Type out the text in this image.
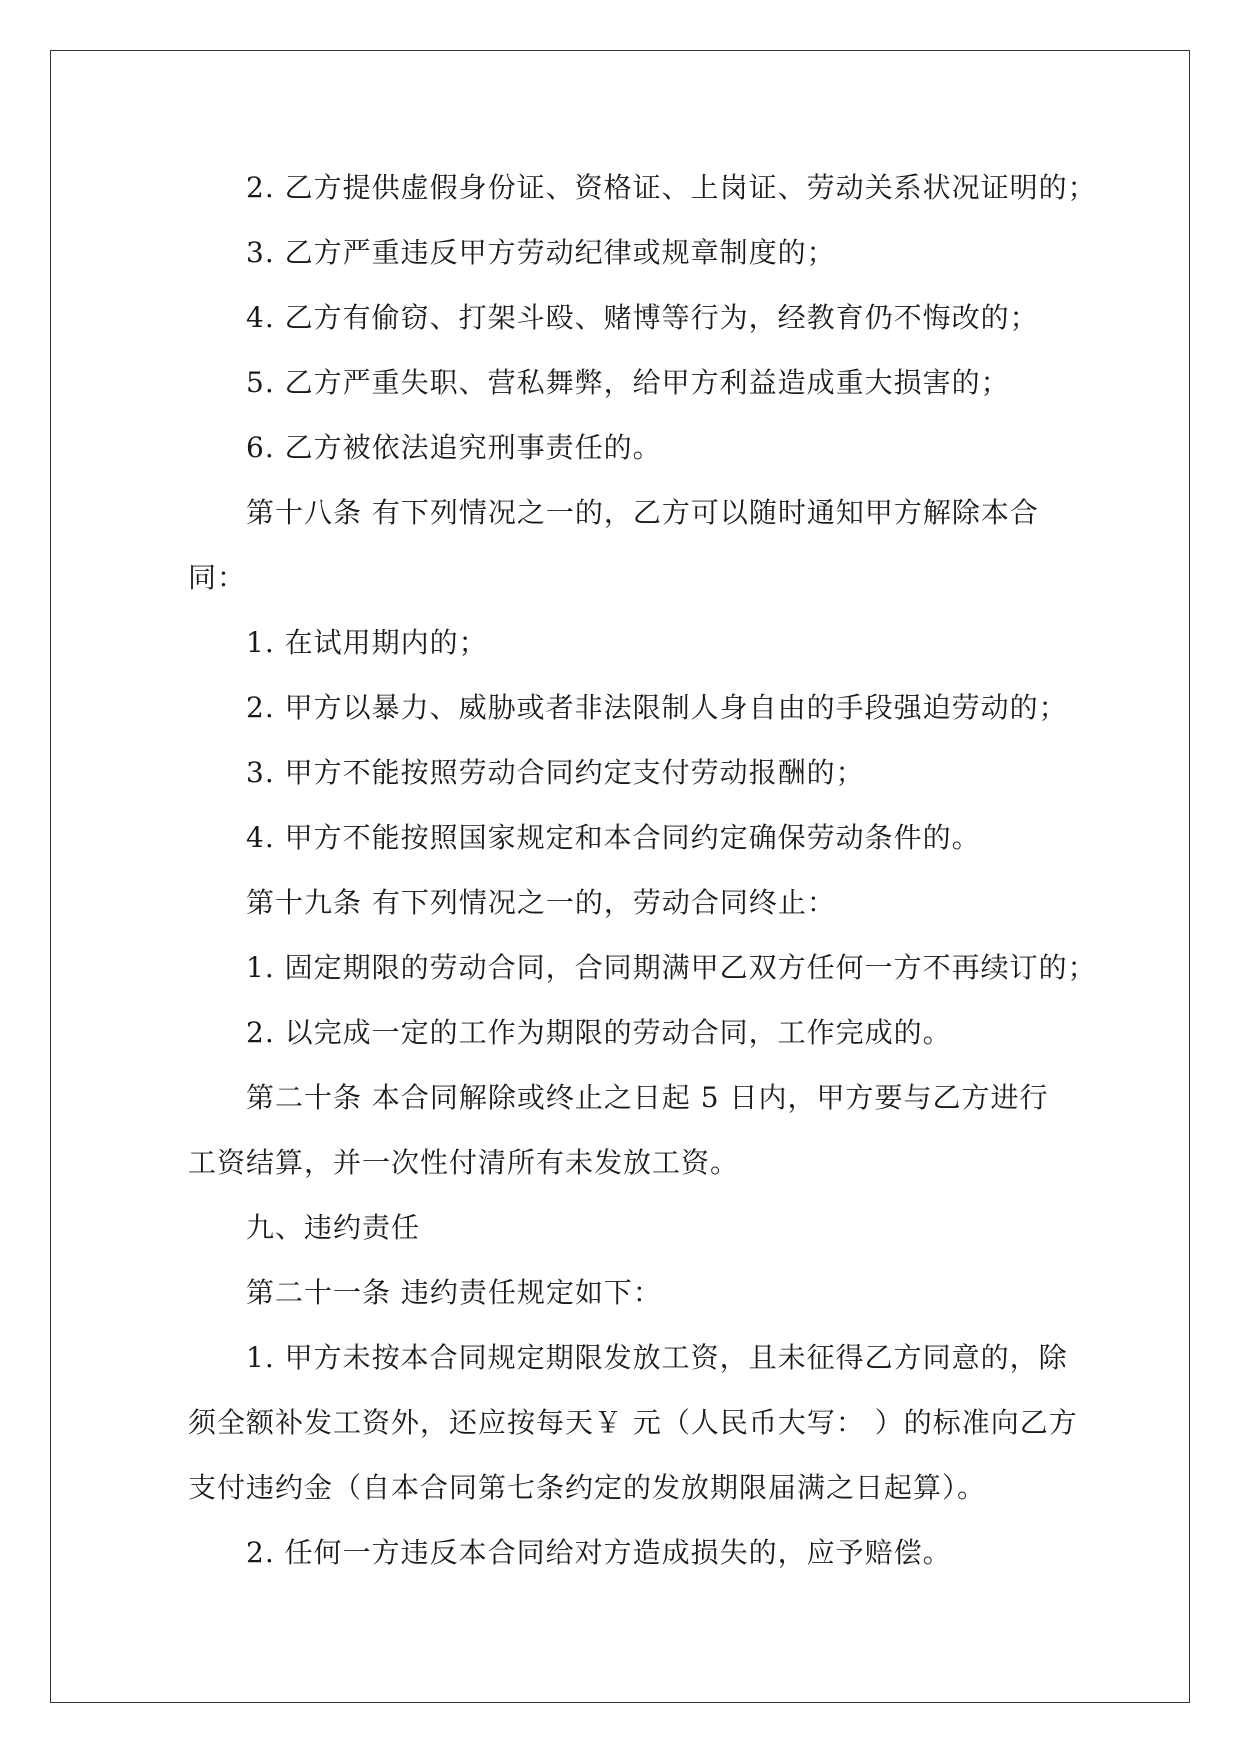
2. 乙方提供虚假身份证、资格证、上岗证、劳动关系状况证明的；
3. 乙方严重违反甲方劳动纪律或规章制度的；
4. 乙方有偷窃、打架斗殴、赌博等行为，经教育仍不悔改的；
5. 乙方严重失职、营私舞弊，给甲方利益造成重大损害的；
6. 乙方被依法追究刑事责任的。
第十八条 有下列情况之一的，乙方可以随时通知甲方解除本合
同：
1. 在试用期内的；
2. 甲方以暴力、威胁或者非法限制人身自由的手段强迫劳动的；
3. 甲方不能按照劳动合同约定支付劳动报酬的；
4. 甲方不能按照国家规定和本合同约定确保劳动条件的。
第十九条 有下列情况之一的，劳动合同终止：
1. 固定期限的劳动合同，合同期满甲乙双方任何一方不再续订的；
2. 以完成一定的工作为期限的劳动合同，工作完成的。
第二十条 本合同解除或终止之日起 5 日内，甲方要与乙方进行
工资结算，并一次性付清所有未发放工资。
九、违约责任
第二十一条 违约责任规定如下：
1. 甲方未按本合同规定期限发放工资，且未征得乙方同意的，除
须全额补发工资外，还应按每天￥ 元（人民币大写： ）的标准向乙方
支付违约金（自本合同第七条约定的发放期限届满之日起算）。
2. 任何一方违反本合同给对方造成损失的，应予赔偿。
